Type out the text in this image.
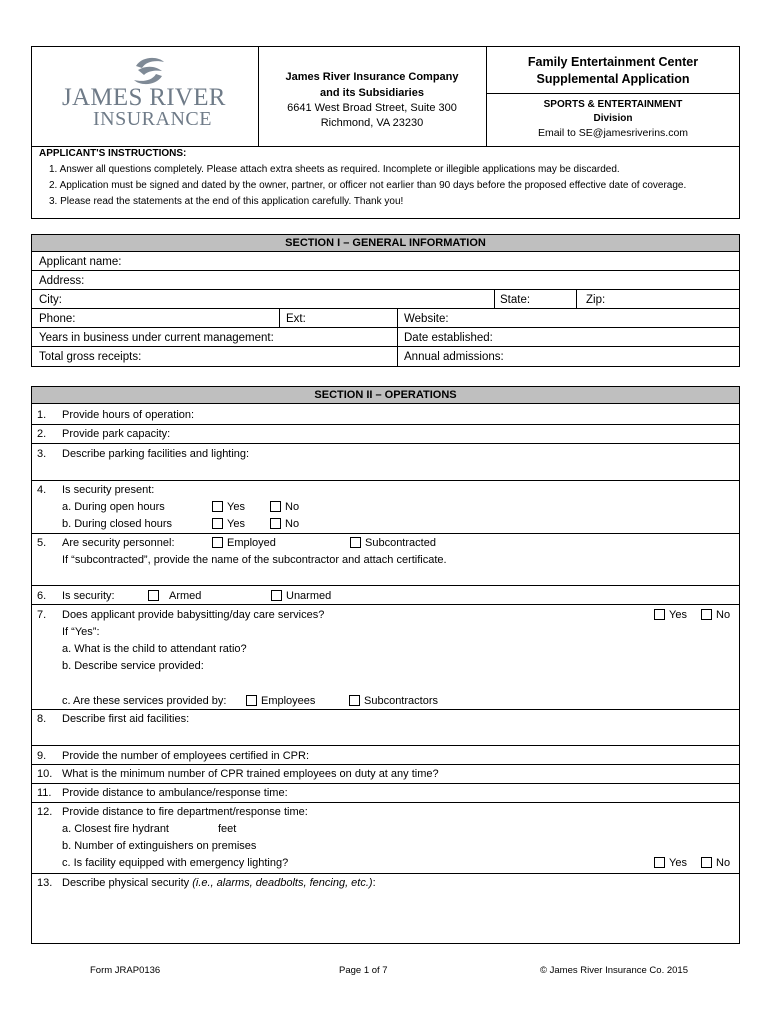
JAMES RIVER
INSURANCE
James River Insurance Company
and its Subsidiaries
6641 West Broad Street, Suite 300
Richmond, VA 23230
Family Entertainment Center
Supplemental Application
SPORTS & ENTERTAINMENT
Division
Email to SE@jamesriverins.com
APPLICANT'S INSTRUCTIONS:
1. Answer all questions completely. Please attach extra sheets as required. Incomplete or illegible applications may be discarded.
2. Application must be signed and dated by the owner, partner, or officer not earlier than 90 days before the proposed effective date of coverage.
3. Please read the statements at the end of this application carefully. Thank you!
SECTION I – GENERAL INFORMATION
Applicant name:
Address:
City:	State:	Zip:
Phone:	Ext:	Website:
Years in business under current management:	Date established:
Total gross receipts:	Annual admissions:
SECTION II – OPERATIONS
1.	Provide hours of operation:
2.	Provide park capacity:
3.	Describe parking facilities and lighting:
4.	Is security present:
a. During open hours	Yes	No
b. During closed hours	Yes	No
5.	Are security personnel:	Employed	Subcontracted
If “subcontracted”, provide the name of the subcontractor and attach certificate.
6.	Is security:	Armed	Unarmed
7.	Does applicant provide babysitting/day care services?	Yes	No
If “Yes”:
a. What is the child to attendant ratio?
b. Describe service provided:
c. Are these services provided by:	Employees	Subcontractors
8.	Describe first aid facilities:
9.	Provide the number of employees certified in CPR:
10. What is the minimum number of CPR trained employees on duty at any time?
11. Provide distance to ambulance/response time:
12. Provide distance to fire department/response time:
a. Closest fire hydrant	feet
b. Number of extinguishers on premises
c. Is facility equipped with emergency lighting?	Yes	No
13. Describe physical security (i.e., alarms, deadbolts, fencing, etc.):
Form JRAP0136	Page 1 of 7	© James River Insurance Co. 2015
